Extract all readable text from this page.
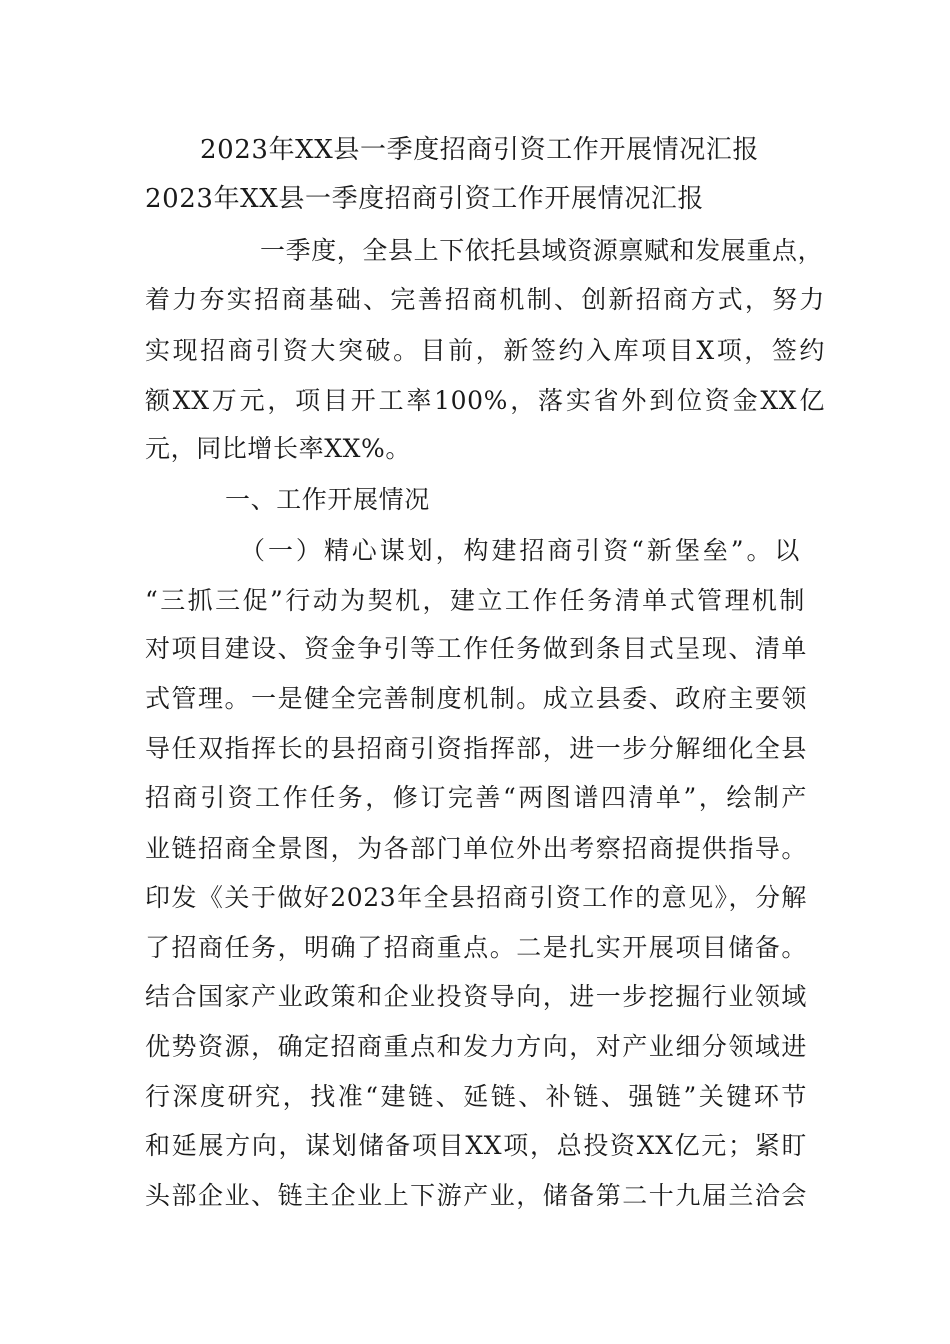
2023年XX县一季度招商引资工作开展情况汇报
2023年XX县一季度招商引资工作开展情况汇报
一季度，全县上下依托县域资源禀赋和发展重点，
着力夯实招商基础、完善招商机制、创新招商方式，努力
实现招商引资大突破。目前，新签约入库项目X项，签约
额XX万元，项目开工率100%，落实省外到位资金XX亿
元，同比增长率XX%。
一、工作开展情况
（一）精心谋划，构建招商引资“新堡垒”。以
“三抓三促”行动为契机，建立工作任务清单式管理机制
对项目建设、资金争引等工作任务做到条目式呈现、清单
式管理。一是健全完善制度机制。成立县委、政府主要领
导任双指挥长的县招商引资指挥部，进一步分解细化全县
招商引资工作任务，修订完善“两图谱四清单”，绘制产
业链招商全景图，为各部门单位外出考察招商提供指导。
印发《关于做好2023年全县招商引资工作的意见》，分解
了招商任务，明确了招商重点。二是扎实开展项目储备。
结合国家产业政策和企业投资导向，进一步挖掘行业领域
优势资源，确定招商重点和发力方向，对产业细分领域进
行深度研究，找准“建链、延链、补链、强链”关键环节
和延展方向，谋划储备项目XX项，总投资XX亿元；紧盯
头部企业、链主企业上下游产业，储备第二十九届兰洽会
